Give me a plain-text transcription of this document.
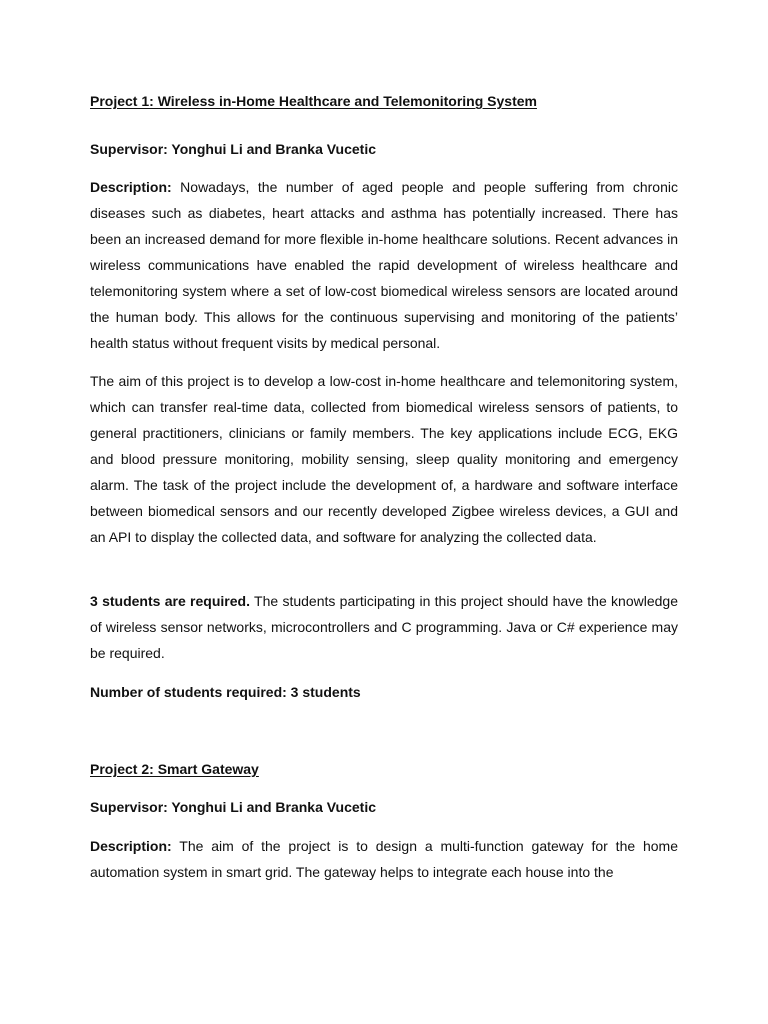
Project 1: Wireless in-Home Healthcare and Telemonitoring System
Supervisor: Yonghui Li and Branka Vucetic
Description: Nowadays, the number of aged people and people suffering from chronic diseases such as diabetes, heart attacks and asthma has potentially increased. There has been an increased demand for more flexible in-home healthcare solutions. Recent advances in wireless communications have enabled the rapid development of wireless healthcare and telemonitoring system where a set of low-cost biomedical wireless sensors are located around the human body. This allows for the continuous supervising and monitoring of the patients’ health status without frequent visits by medical personal.
The aim of this project is to develop a low-cost in-home healthcare and telemonitoring system, which can transfer real-time data, collected from biomedical wireless sensors of patients, to general practitioners, clinicians or family members. The key applications include ECG, EKG and blood pressure monitoring, mobility sensing, sleep quality monitoring and emergency alarm. The task of the project include the development of, a hardware and software interface between biomedical sensors and our recently developed Zigbee wireless devices, a GUI and an API to display the collected data, and software for analyzing the collected data.
3 students are required. The students participating in this project should have the knowledge of wireless sensor networks, microcontrollers and C programming. Java or C# experience may be required.
Number of students required: 3 students
Project 2: Smart Gateway
Supervisor: Yonghui Li and Branka Vucetic
Description: The aim of the project is to design a multi-function gateway for the home automation system in smart grid. The gateway helps to integrate each house into the
